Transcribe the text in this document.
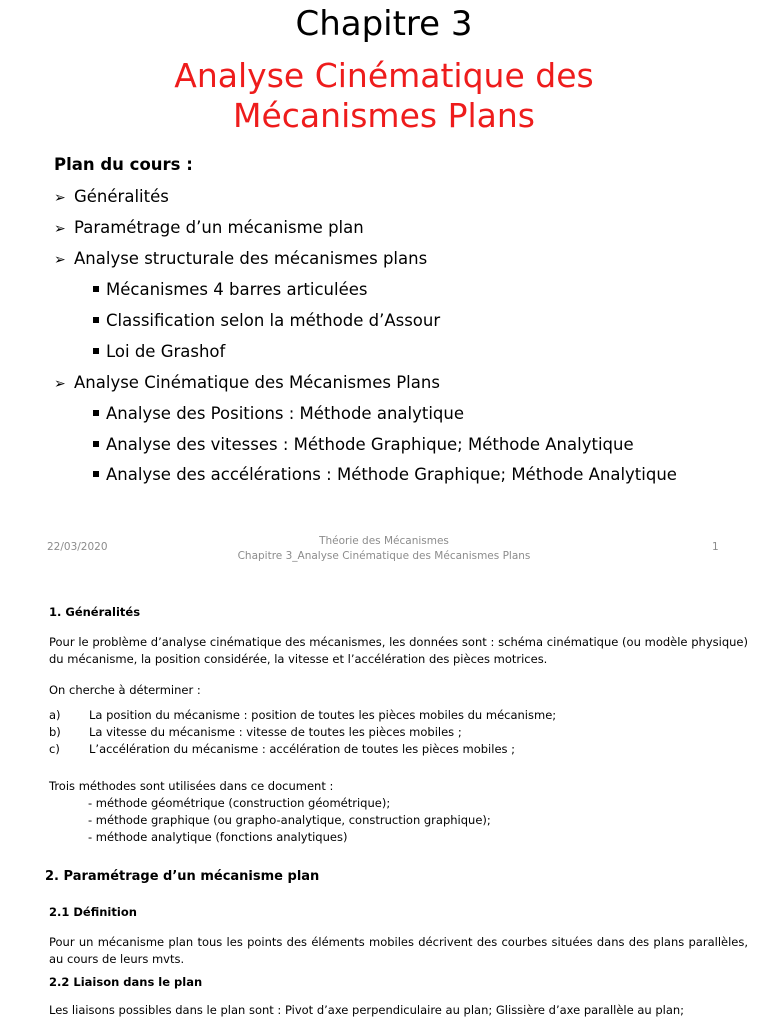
Chapitre 3
Analyse Cinématique des
Mécanismes Plans
Plan du cours :
➢ Généralités
➢ Paramétrage d’un mécanisme plan
➢ Analyse structurale des mécanismes plans
Mécanismes 4 barres articulées
Classification selon la méthode d’Assour
Loi de Grashof
➢ Analyse Cinématique des Mécanismes Plans
Analyse des Positions : Méthode analytique
Analyse des vitesses : Méthode Graphique; Méthode Analytique
Analyse des accélérations : Méthode Graphique; Méthode Analytique
22/03/2020	Théorie des Mécanismes
Chapitre 3_Analyse Cinématique des Mécanismes Plans
1
1. Généralités
Pour le problème d’analyse cinématique des mécanismes, les données sont : schéma cinématique (ou modèle physique) du mécanisme, la position considérée, la vitesse et l’accélération des pièces motrices.
On cherche à déterminer :
a) La position du mécanisme : position de toutes les pièces mobiles du mécanisme;
b) La vitesse du mécanisme : vitesse de toutes les pièces mobiles ;
c)	L’accélération du mécanisme : accélération de toutes les pièces mobiles ;
Trois méthodes sont utilisées dans ce document :
- méthode géométrique (construction géométrique);
- méthode graphique (ou grapho-analytique, construction graphique);
- méthode analytique (fonctions analytiques)
2. Paramétrage d’un mécanisme plan
2.1 Définition
Pour un mécanisme plan tous les points des éléments mobiles décrivent des courbes situées dans des plans parallèles, au cours de leurs mvts.
2.2 Liaison dans le plan
Les liaisons possibles dans le plan sont : Pivot d’axe perpendiculaire au plan; Glissière d’axe parallèle au plan;
